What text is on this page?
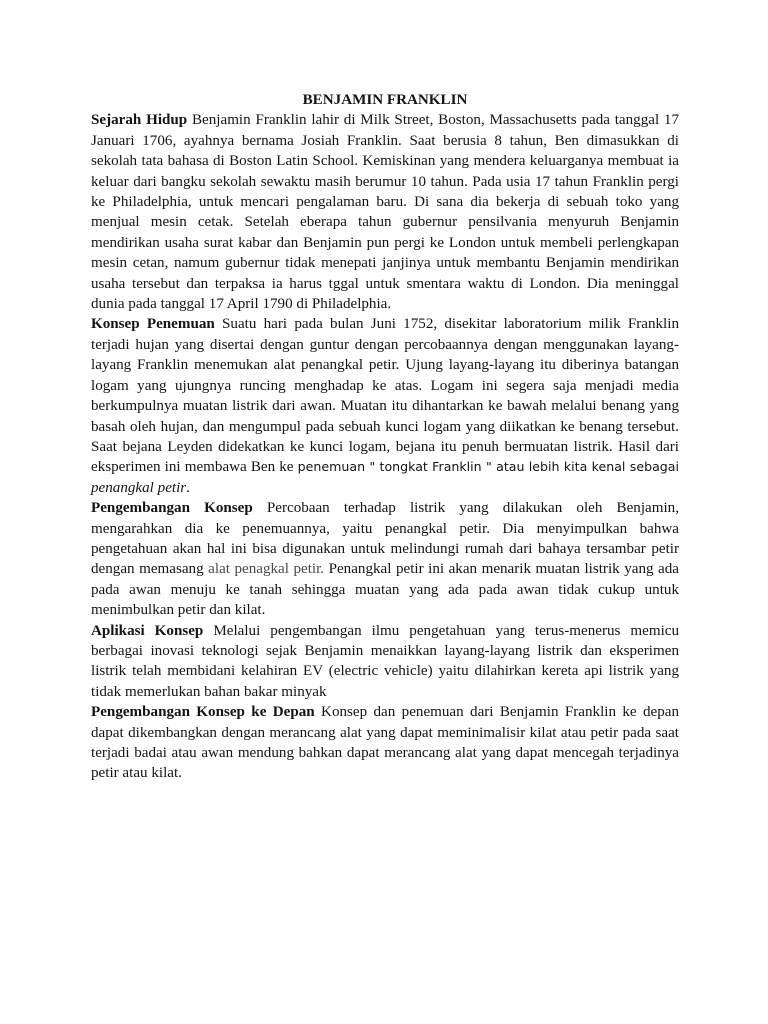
BENJAMIN FRANKLIN

Sejarah Hidup Benjamin Franklin lahir di Milk Street, Boston, Massachusetts pada tanggal 17 Januari 1706, ayahnya bernama Josiah Franklin. Saat berusia 8 tahun, Ben dimasukkan di sekolah tata bahasa di Boston Latin School. Kemiskinan yang mendera keluarganya membuat ia keluar dari bangku sekolah sewaktu masih berumur 10 tahun. Pada usia 17 tahun Franklin pergi ke Philadelphia, untuk mencari pengalaman baru. Di sana dia bekerja di sebuah toko yang menjual mesin cetak. Setelah eberapa tahun gubernur pensilvania menyuruh Benjamin mendirikan usaha surat kabar dan Benjamin pun pergi ke London untuk membeli perlengkapan mesin cetan, namum gubernur tidak menepati janjinya untuk membantu Benjamin mendirikan usaha tersebut dan terpaksa ia harus tggal untuk smentara waktu di London. Dia meninggal dunia pada tanggal 17 April 1790 di Philadelphia.

Konsep Penemuan Suatu hari pada bulan Juni 1752, disekitar laboratorium milik Franklin terjadi hujan yang disertai dengan guntur dengan percobaannya dengan menggunakan layang-layang Franklin menemukan alat penangkal petir. Ujung layang-layang itu diberinya batangan logam yang ujungnya runcing menghadap ke atas. Logam ini segera saja menjadi media berkumpulnya muatan listrik dari awan. Muatan itu dihantarkan ke bawah melalui benang yang basah oleh hujan, dan mengumpul pada sebuah kunci logam yang diikatkan ke benang tersebut. Saat bejana Leyden didekatkan ke kunci logam, bejana itu penuh bermuatan listrik. Hasil dari eksperimen ini membawa Ben ke penemuan " tongkat Franklin " atau lebih kita kenal sebagai penangkal petir.

Pengembangan Konsep Percobaan terhadap listrik yang dilakukan oleh Benjamin, mengarahkan dia ke penemuannya, yaitu penangkal petir. Dia menyimpulkan bahwa pengetahuan akan hal ini bisa digunakan untuk melindungi rumah dari bahaya tersambar petir dengan memasang alat penagkal petir. Penangkal petir ini akan menarik muatan listrik yang ada pada awan menuju ke tanah sehingga muatan yang ada pada awan tidak cukup untuk menimbulkan petir dan kilat.

Aplikasi Konsep Melalui pengembangan ilmu pengetahuan yang terus-menerus memicu berbagai inovasi teknologi sejak Benjamin menaikkan layang-layang listrik dan eksperimen listrik telah membidani kelahiran EV (electric vehicle) yaitu dilahirkan kereta api listrik yang tidak memerlukan bahan bakar minyak

Pengembangan Konsep ke Depan Konsep dan penemuan dari Benjamin Franklin ke depan dapat dikembangkan dengan merancang alat yang dapat meminimalisir kilat atau petir pada saat terjadi badai atau awan mendung bahkan dapat merancang alat yang dapat mencegah terjadinya petir atau kilat.
